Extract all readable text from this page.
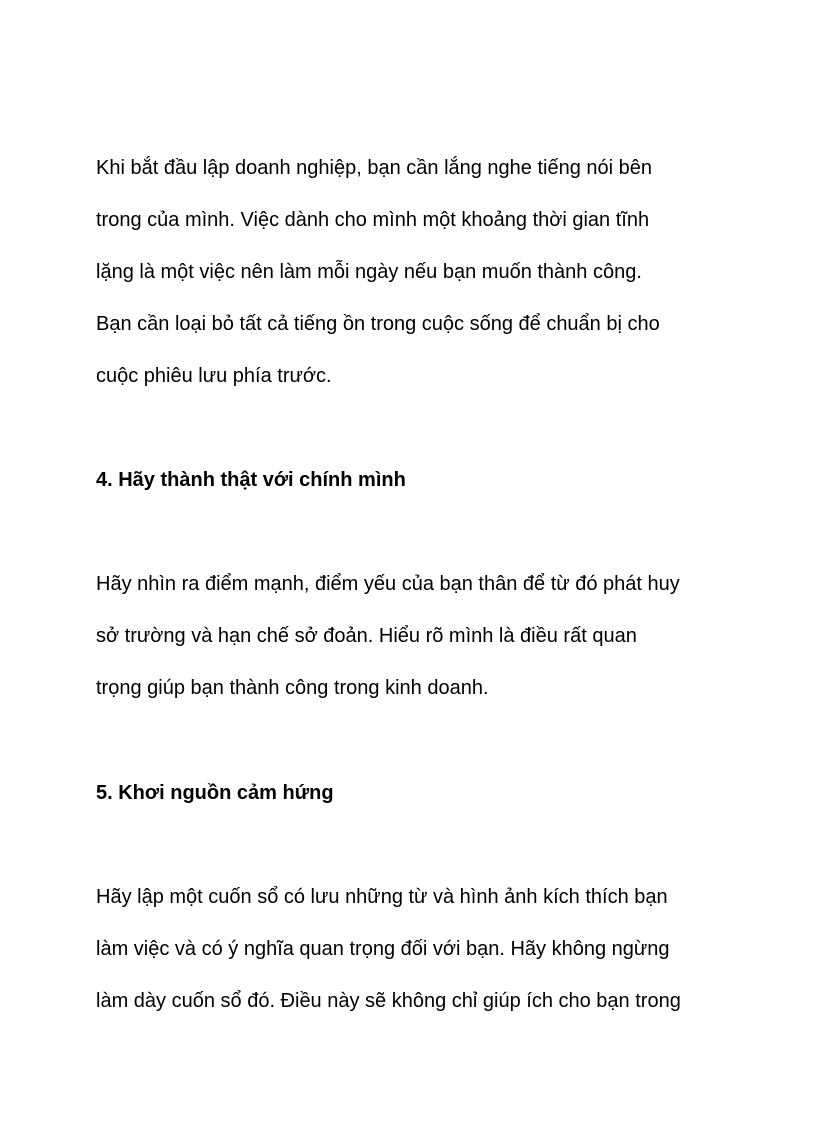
Khi bắt đầu lập doanh nghiệp, bạn cần lắng nghe tiếng nói bên
trong của mình. Việc dành cho mình một khoảng thời gian tĩnh
lặng là một việc nên làm mỗi ngày nếu bạn muốn thành công.
Bạn cần loại bỏ tất cả tiếng ồn trong cuộc sống để chuẩn bị cho
cuộc phiêu lưu phía trước.
4. Hãy thành thật với chính mình
Hãy nhìn ra điểm mạnh, điểm yếu của bạn thân để từ đó phát huy
sở trường và hạn chế sở đoản. Hiểu rõ mình là điều rất quan
trọng giúp bạn thành công trong kinh doanh.
5. Khơi nguồn cảm hứng
Hãy lập một cuốn sổ có lưu những từ và hình ảnh kích thích bạn
làm việc và có ý nghĩa quan trọng đối với bạn. Hãy không ngừng
làm dày cuốn sổ đó. Điều này sẽ không chỉ giúp ích cho bạn trong
